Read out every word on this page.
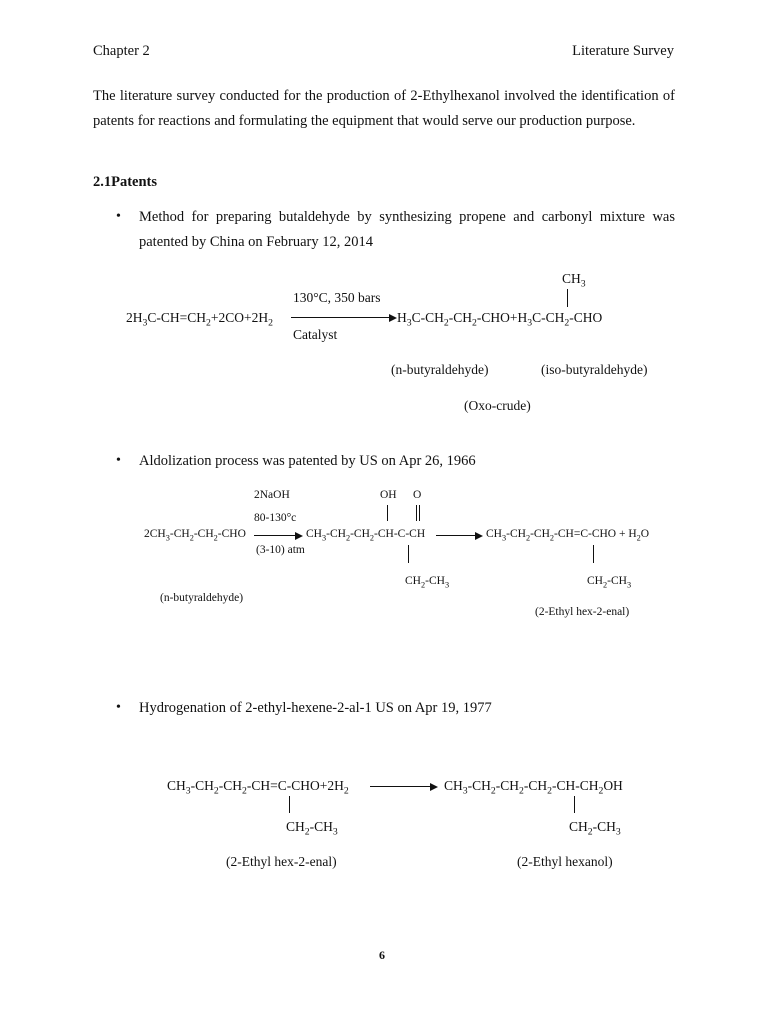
Chapter 2	Literature Survey
The literature survey conducted for the production of 2-Ethylhexanol involved the identification of patents for reactions and formulating the equipment that would serve our production purpose.
2.1Patents
• Method for preparing butaldehyde by synthesizing propene and carbonyl mixture was
patented by China on February 12, 2014
$CH_3$
130°C, 350 bars
$2H_3C-CH=CH_2+2CO+2H_2$	$H_3C-CH_2-CH_2-CHO+H_3C-CH_2$-CHO
Catalyst
(n-butyraldehyde)	(iso-butyraldehyde)
(Oxo-crude)
• Aldolization process was patented by US on Apr 26, 1966
2NaOH	OH O
80-130°c
$2CH_3-CH_2-CH_2$-CHO	$CH_3-CH_2-CH_2-CH-C-CH$	$CH_3-CH_2-CH_2-CH=C$-CHO + $H_2O$
(3-10) atm
$CH_2-CH_3$	$CH_2-CH_3$
(n-butyraldehyde)
(2-Ethyl hex-2-enal)
• Hydrogenation of 2-ethyl-hexene-2-al-1 US on Apr 19, 1977
$CH_3-CH_2-CH_2-CH=C-CHO+2H_2$	$CH_3-CH_2-CH_2-CH_2-CH-CH_2OH$
$CH_2-CH_3$	$CH_2-CH_3$
(2-Ethyl hex-2-enal)	(2-Ethyl hexanol)
6
